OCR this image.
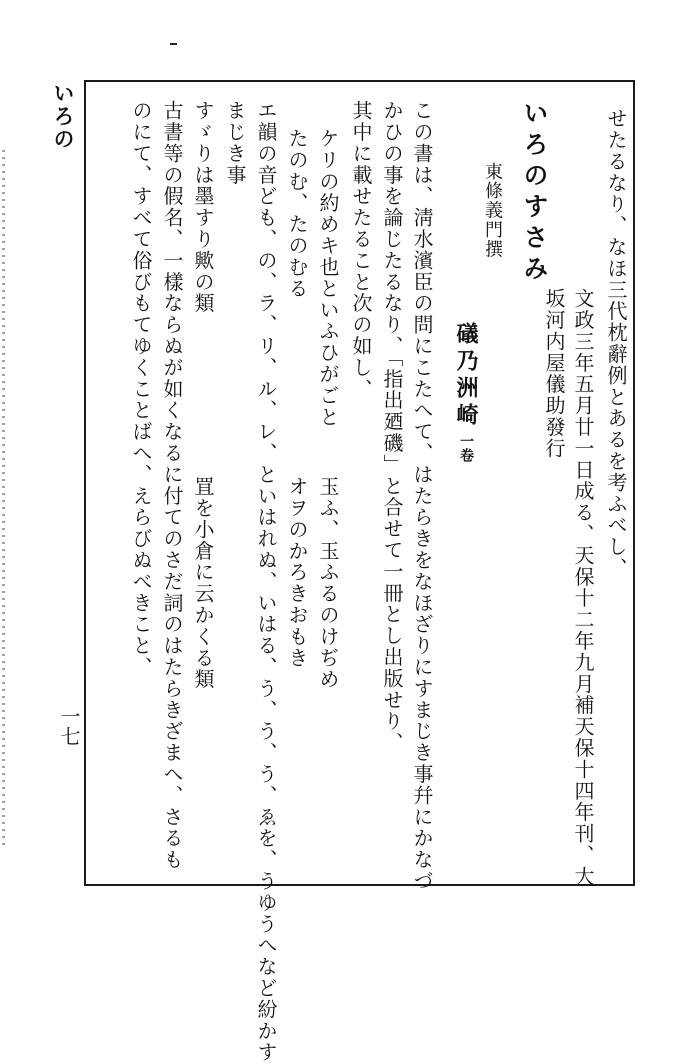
いろの
一七
せたるなり、なほ三代枕辭例とあるを考ふべし、
いろのすさみ
東條義門撰
文政三年五月廿一日成る、天保十二年九月補天保十四年刊、大
坂河内屋儀助發行
礒乃洲崎一卷
この書は、淸水濱臣の問にこたへて、はたらきをなほざりにすまじき事幷にかなづ
かひの事を論じたるなり、「指出廼磯」と合せて一冊とし出版せり、
其中に載せたること次の如し、
ケリの約めキ也といふひがごと
玉ふ、玉ふるのけぢめ
たのむ、たのむる
オヲのかろきおもき
エ韻の音ども、の、ラ、リ、ル、レ、といはれぬ、いはる、う、う、う、ゑを、うゆうへなど紛かす
まじき事
すゞりは墨すり歟の類
罝を小倉に云かくる類
古書等の假名、一樣ならぬが如くなるに付てのさだ詞のはたらきざまへ、さるも
のにて、すべて俗びもてゆくことばへ、えらびぬべきこと、
